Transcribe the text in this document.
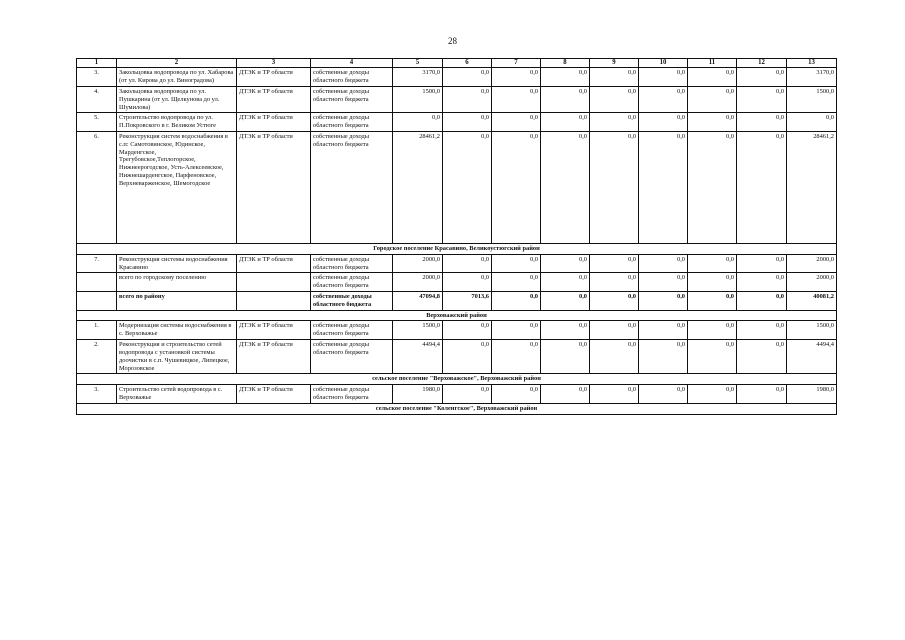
28
1	2	3	4	5	6	7	8	9	10	11	12	13
3.	Закольцовка водопровода по ул. Хабарова (от ул. Кирова до ул. Виноградова)	ДТЭК и ТР области	собственные доходы областного бюджета	3170,0	0,0	0,0	0,0	0,0	0,0	0,0	0,0	3170,0
4.	Закольцовка водопровода по ул. Пушкарина (от ул. Щелкунова до ул. Шумилова)	ДТЭК и ТР области	собственные доходы областного бюджета	1500,0	0,0	0,0	0,0	0,0	0,0	0,0	0,0	1500,0
5.	Строительство водопровода по ул. П.Покровского в г. Великом Устюге	ДТЭК и ТР области	собственные доходы областного бюджета	0,0	0,0	0,0	0,0	0,0	0,0	0,0	0,0	0,0
6.	Реконструкция систем водоснабжения в с.п: Самотовинское, Юдинское, Марденгское, Трегубовское,Теплогорское, Нижнеерогодское, Усть-Алексеевское, Нижнешарденгское, Парфеновское, Верхневарженское, Шемогодское	ДТЭК и ТР области	собственные доходы областного бюджета	28461,2	0,0	0,0	0,0	0,0	0,0	0,0	0,0	28461,2
Городское поселение Красавино, Великоустюгский район												
7.	Реконструкция системы водоснабжения Красавино	ДТЭК и ТР области	собственные доходы областного бюджета	2000,0	0,0	0,0	0,0	0,0	0,0	0,0	0,0	2000,0
	всего по городскому поселению		собственные доходы областного бюджета	2000,0	0,0	0,0	0,0	0,0	0,0	0,0	0,0	2000,0
	всего по району		собственные доходы областного бюджета	47094,8	7013,6	0,0	0,0	0,0	0,0	0,0	0,0	40081,2
Верховажский район												
1.	Модернизация системы водоснабжения в с. Верховажье	ДТЭК и ТР области	собственные доходы областного бюджета	1500,0	0,0	0,0	0,0	0,0	0,0	0,0	0,0	1500,0
2.	Реконструкция и строительство сетей водопровода с установкой системы доочистки в с.п. Чушевицкое, Липецкое, Морозовское	ДТЭК и ТР области	собственные доходы областного бюджета	4494,4	0,0	0,0	0,0	0,0	0,0	0,0	0,0	4494,4
сельское поселение "Верховажское", Верховажский район												
3.	Строительство сетей водопровода в с. Верховажье	ДТЭК и ТР области	собственные доходы областного бюджета	1980,0	0,0	0,0	0,0	0,0	0,0	0,0	0,0	1980,0
сельское поселение "Коленгское", Верховажский район												
